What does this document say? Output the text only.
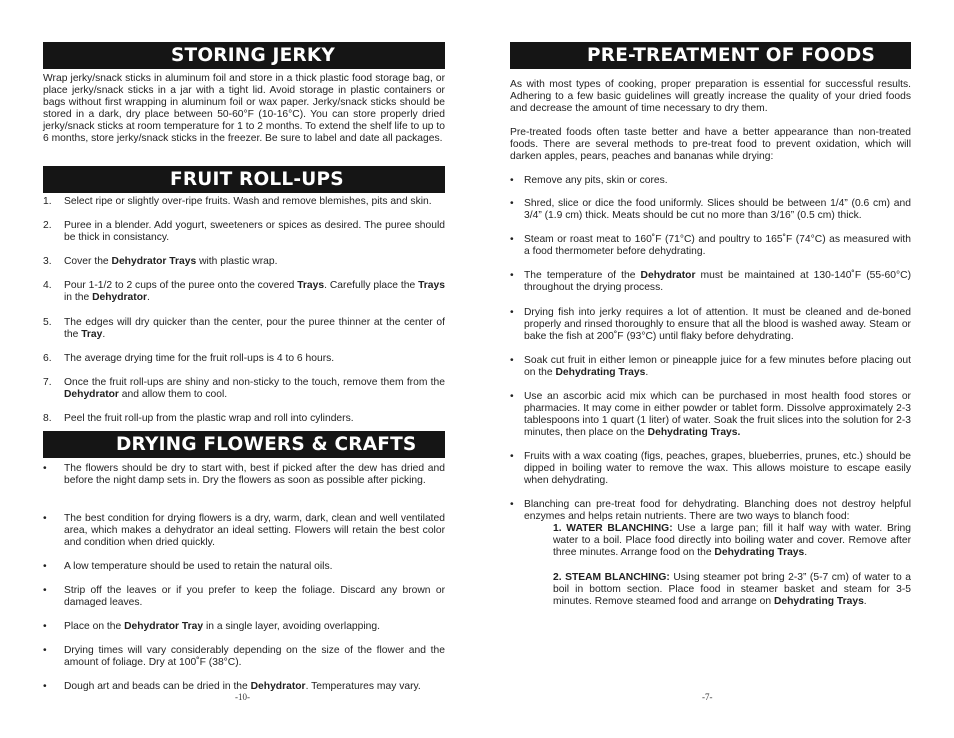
STORING JERKY

Wrap jerky/snack sticks in aluminum foil and store in a thick plastic food storage bag, or place jerky/snack sticks in a jar with a tight lid. Avoid storage in plastic containers or bags without first wrapping in aluminum foil or wax paper. Jerky/snack sticks should be stored in a dark, dry place between 50-60°F (10-16°C). You can store properly dried jerky/snack sticks at room temperature for 1 to 2 months. To extend the shelf life to up to 6 months, store jerky/snack sticks in the freezer. Be sure to label and date all packages.

FRUIT ROLL-UPS
1. Select ripe or slightly over-ripe fruits. Wash and remove blemishes, pits and skin.
2. Puree in a blender. Add yogurt, sweeteners or spices as desired. The puree should be thick in consistancy.
3. Cover the Dehydrator Trays with plastic wrap.
4. Pour 1-1/2 to 2 cups of the puree onto the covered Trays. Carefully place the Trays in the Dehydrator.
5. The edges will dry quicker than the center, pour the puree thinner at the center of the Tray.
6. The average drying time for the fruit roll-ups is 4 to 6 hours.
7. Once the fruit roll-ups are shiny and non-sticky to the touch, remove them from the Dehydrator and allow them to cool.
8. Peel the fruit roll-up from the plastic wrap and roll into cylinders.
DRYING FLOWERS & CRAFTS
• The flowers should be dry to start with, best if picked after the dew has dried and before the night damp sets in. Dry the flowers as soon as possible after picking.
• The best condition for drying flowers is a dry, warm, dark, clean and well ventilated area, which makes a dehydrator an ideal setting. Flowers will retain the best color and condition when dried quickly.
• A low temperature should be used to retain the natural oils.
• Strip off the leaves or if you prefer to keep the foliage. Discard any brown or damaged leaves.
• Place on the Dehydrator Tray in a single layer, avoiding overlapping.
• Drying times will vary considerably depending on the size of the flower and the amount of foliage. Dry at 100˚F (38°C).
• Dough art and beads can be dried in the Dehydrator. Temperatures may vary.
-10-
PRE-TREATMENT OF FOODS

As with most types of cooking, proper preparation is essential for successful results. Adhering to a few basic guidelines will greatly increase the quality of your dried foods and decrease the amount of time necessary to dry them.

Pre-treated foods often taste better and have a better appearance than non-treated foods. There are several methods to pre-treat food to prevent oxidation, which will darken apples, pears, peaches and bananas while drying:

• Remove any pits, skin or cores.
• Shred, slice or dice the food uniformly. Slices should be between 1/4” (0.6 cm) and 3/4” (1.9 cm) thick. Meats should be cut no more than 3/16” (0.5 cm) thick.
• Steam or roast meat to 160˚F (71°C) and poultry to 165˚F (74°C) as measured with a food thermometer before dehydrating.
• The temperature of the Dehydrator must be maintained at 130-140˚F (55-60°C) throughout the drying process.
• Drying fish into jerky requires a lot of attention. It must be cleaned and de-boned properly and rinsed thoroughly to ensure that all the blood is washed away. Steam or bake the fish at 200˚F (93°C) until flaky before dehydrating.
• Soak cut fruit in either lemon or pineapple juice for a few minutes before placing out on the Dehydrating Trays.
• Use an ascorbic acid mix which can be purchased in most health food stores or pharmacies. It may come in either powder or tablet form. Dissolve approximately 2-3 tablespoons into 1 quart (1 liter) of water. Soak the fruit slices into the solution for 2-3 minutes, then place on the Dehydrating Trays.
• Fruits with a wax coating (figs, peaches, grapes, blueberries, prunes, etc.) should be dipped in boiling water to remove the wax. This allows moisture to escape easily when dehydrating.
• Blanching can pre-treat food for dehydrating. Blanching does not destroy helpful enzymes and helps retain nutrients. There are two ways to blanch food:
1. WATER BLANCHING: Use a large pan; fill it half way with water. Bring water to a boil. Place food directly into boiling water and cover. Remove after three minutes. Arrange food on the Dehydrating Trays.
2. STEAM BLANCHING: Using steamer pot bring 2-3” (5-7 cm) of water to a boil in bottom section. Place food in steamer basket and steam for 3-5 minutes. Remove steamed food and arrange on Dehydrating Trays.
-7-
